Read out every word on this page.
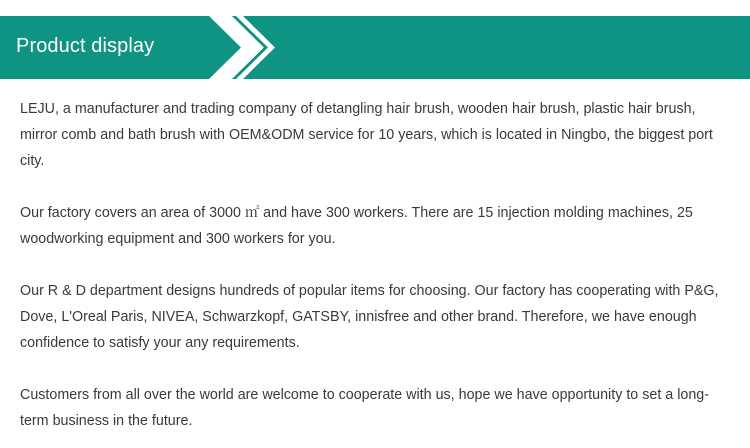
Product display

LEJU, a manufacturer and trading company of detangling hair brush, wooden hair brush, plastic hair brush, mirror comb and bath brush with OEM&ODM service for 10 years, which is located in Ningbo, the biggest port city.

Our factory covers an area of 3000 ㎡ and have 300 workers. There are 15 injection molding machines, 25 woodworking equipment and 300 workers for you.

Our R & D department designs hundreds of popular items for choosing. Our factory has cooperating with P&G, Dove, L'Oreal Paris, NIVEA, Schwarzkopf, GATSBY, innisfree and other brand. Therefore, we have enough confidence to satisfy your any requirements.

Customers from all over the world are welcome to cooperate with us, hope we have opportunity to set a long-term business in the future.
